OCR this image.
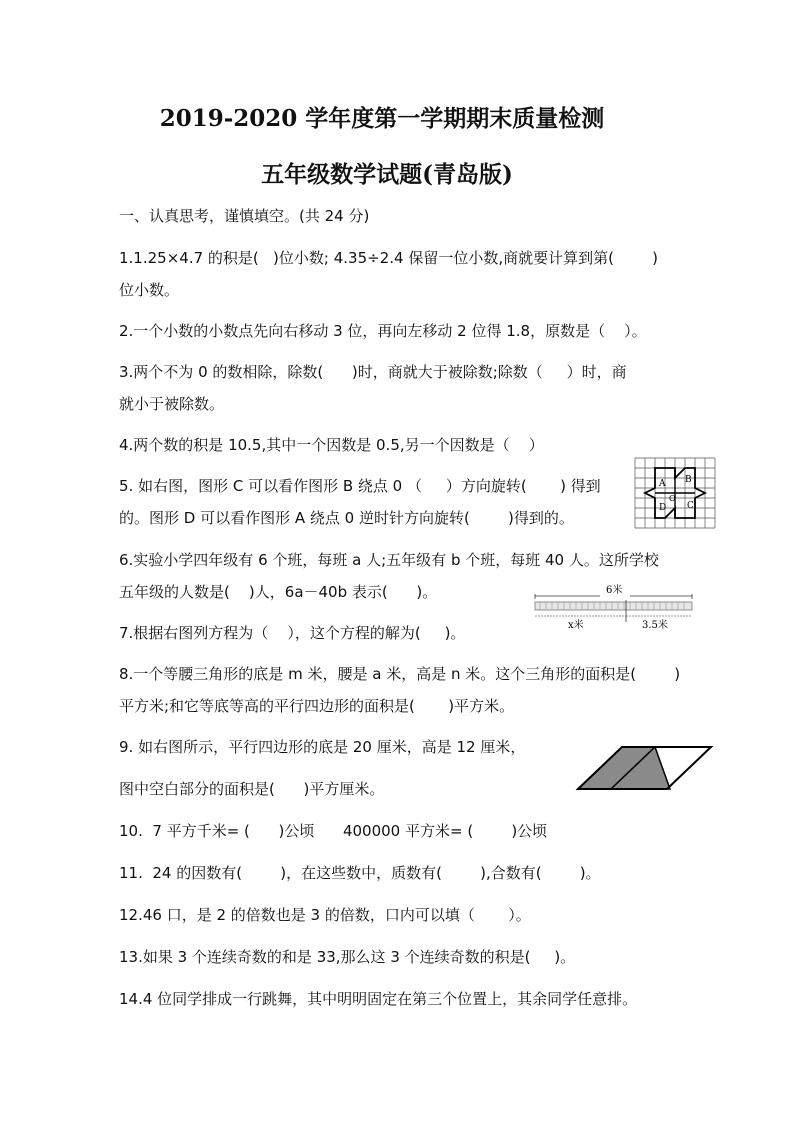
2019-2020 学年度第一学期期末质量检测
五年级数学试题(青岛版)
一、认真思考，谨慎填空。(共 24 分)
1.1.25×4.7 的积是(   )位小数; 4.35÷2.4 保留一位小数,商就要计算到第(        )
位小数。
2.一个小数的小数点先向右移动 3 位，再向左移动 2 位得 1.8，原数是（    ）。
3.两个不为 0 的数相除，除数(      )时，商就大于被除数;除数（     ）时，商
就小于被除数。
4.两个数的积是 10.5,其中一个因数是 0.5,另一个因数是（    ）
5. 如右图，图形 C 可以看作图形 B 绕点 0 （     ）方向旋转(       ) 得到
的。图形 D 可以看作图形 A 绕点 0 逆时针方向旋转(        )得到的。
6.实验小学四年级有 6 个班，每班 a 人;五年级有 b 个班，每班 40 人。这所学校
五年级的人数是(    )人，6a－40b 表示(      )。
7.根据右图列方程为（    ），这个方程的解为(     )。
8.一个等腰三角形的底是 m 米，腰是 a 米，高是 n 米。这个三角形的面积是(        )
平方米;和它等底等高的平行四边形的面积是(       )平方米。
9. 如右图所示，平行四边形的底是 20 厘米，高是 12 厘米，
图中空白部分的面积是(      )平方厘米。
10.  7 平方千米= (      )公顷      400000 平方米= (        )公顷
11.  24 的因数有(        )，在这些数中，质数有(        ),合数有(        )。
12.46 口，是 2 的倍数也是 3 的倍数，口内可以填（       ）。
13.如果 3 个连续奇数的和是 33,那么这 3 个连续奇数的积是(     )。
14.4 位同学排成一行跳舞，其中明明固定在第三个位置上，其余同学任意排。
A B
O
C
D
6米
x米	3.5米
